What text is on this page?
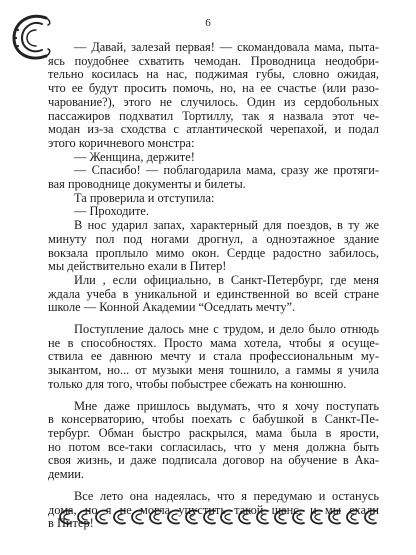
6

— Давай, залезай первая! — скомандовала мама, пыта-
ясь поудобнее схватить чемодан. Проводница неодобри-
тельно косилась на нас, поджимая губы, словно ожидая,
что ее будут просить помочь, но, на ее счастье (или разо-
чарование?), этого не случилось. Один из сердобольных
пассажиров подхватил Тортиллу, так я назвала этот че-
модан из-за сходства с атлантической черепахой, и подал
этого коричневого монстра:

— Женщина, держите!

— Спасибо! — поблагодарила мама, сразу же протяги-
вая проводнице документы и билеты.

Та проверила и отступила:

— Проходите.

В нос ударил запах, характерный для поездов, в ту же
минуту пол под ногами дрогнул, а одноэтажное здание
вокзала проплыло мимо окон. Сердце радостно забилось,
мы действительно ехали в Питер!

Или , если официально, в Санкт-Петербург, где меня
ждала учеба в уникальной и единственной во всей стране
школе — Конной Академии “Оседлать мечту”.

Поступление далось мне с трудом, и дело было отнюдь
не в способностях. Просто мама хотела, чтобы я осуще-
ствила ее давнюю мечту и стала профессиональным му-
зыкантом, но... от музыки меня тошнило, а гаммы я учила
только для того, чтобы побыстрее сбежать на конюшню.

Мне даже пришлось выдумать, что я хочу поступать
в консерваторию, чтобы поехать с бабушкой в Санкт-Пе-
тербург. Обман быстро раскрылся, мама была в ярости,
но потом все-таки согласилась, что у меня должна быть
своя жизнь, и даже подписала договор на обучение в Ака-
демии.

Все лето она надеялась, что я передумаю и останусь
дома, но я не могла упустить такой шанс, и мы ехали
в Питер!
